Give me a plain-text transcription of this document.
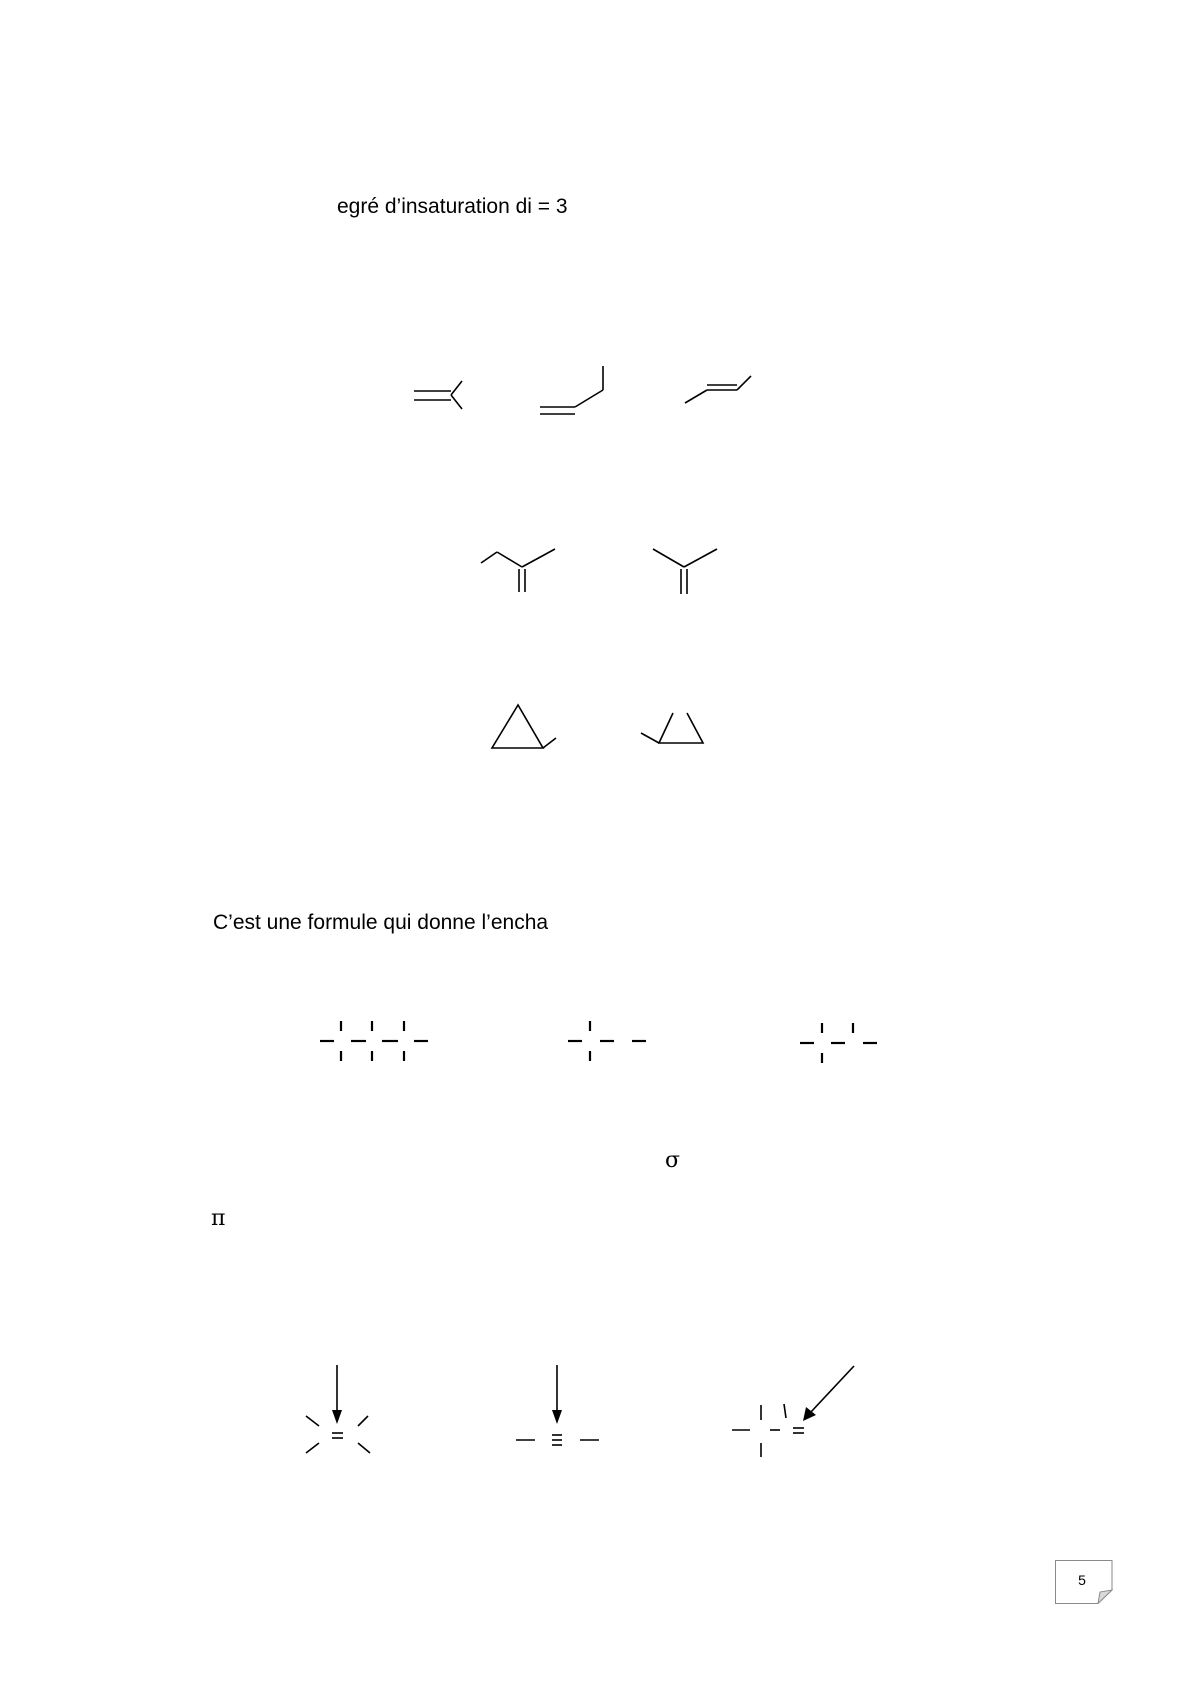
egré d’insaturation di = 3
C’est une formule qui donne l’encha
σ
π
5
